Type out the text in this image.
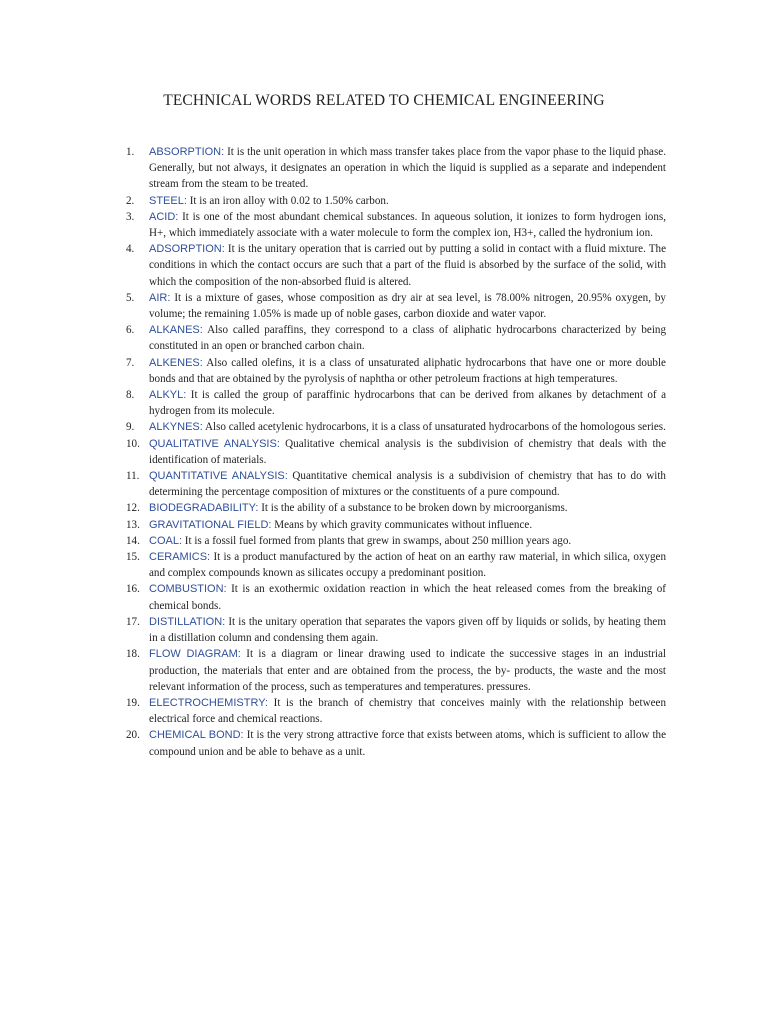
TECHNICAL WORDS RELATED TO CHEMICAL ENGINEERING
1.	ABSORPTION: It is the unit operation in which mass transfer takes place from the vapor phase to the liquid phase. Generally, but not always, it designates an operation in which the liquid is supplied as a separate and independent stream from the steam to be treated.
2.	STEEL: It is an iron alloy with 0.02 to 1.50% carbon.
3.	ACID: It is one of the most abundant chemical substances. In aqueous solution, it ionizes to form hydrogen ions, H+, which immediately associate with a water molecule to form the complex ion, H3+, called the hydronium ion.
4.	ADSORPTION: It is the unitary operation that is carried out by putting a solid in contact with a fluid mixture. The conditions in which the contact occurs are such that a part of the fluid is absorbed by the surface of the solid, with which the composition of the non-absorbed fluid is altered.
5.	AIR: It is a mixture of gases, whose composition as dry air at sea level, is 78.00% nitrogen, 20.95% oxygen, by volume; the remaining 1.05% is made up of noble gases, carbon dioxide and water vapor.
6.	ALKANES: Also called paraffins, they correspond to a class of aliphatic hydrocarbons characterized by being constituted in an open or branched carbon chain.
7.	ALKENES: Also called olefins, it is a class of unsaturated aliphatic hydrocarbons that have one or more double bonds and that are obtained by the pyrolysis of naphtha or other petroleum fractions at high temperatures.
8.	ALKYL: It is called the group of paraffinic hydrocarbons that can be derived from alkanes by detachment of a hydrogen from its molecule.
9.	ALKYNES: Also called acetylenic hydrocarbons, it is a class of unsaturated hydrocarbons of the homologous series.
10. QUALITATIVE ANALYSIS: Qualitative chemical analysis is the subdivision of chemistry that deals with the identification of materials.
11. QUANTITATIVE ANALYSIS: Quantitative chemical analysis is a subdivision of chemistry that has to do with determining the percentage composition of mixtures or the constituents of a pure compound.
12. BIODEGRADABILITY: It is the ability of a substance to be broken down by microorganisms.
13. GRAVITATIONAL FIELD: Means by which gravity communicates without influence.
14. COAL: It is a fossil fuel formed from plants that grew in swamps, about 250 million years ago.
15. CERAMICS: It is a product manufactured by the action of heat on an earthy raw material, in which silica, oxygen and complex compounds known as silicates occupy a predominant position.
16. COMBUSTION: It is an exothermic oxidation reaction in which the heat released comes from the breaking of chemical bonds.
17. DISTILLATION: It is the unitary operation that separates the vapors given off by liquids or solids, by heating them in a distillation column and condensing them again.
18. FLOW DIAGRAM: It is a diagram or linear drawing used to indicate the successive stages in an industrial production, the materials that enter and are obtained from the process, the by- products, the waste and the most relevant information of the process, such as temperatures and temperatures. pressures.
19. ELECTROCHEMISTRY: It is the branch of chemistry that conceives mainly with the relationship between electrical force and chemical reactions.
20. CHEMICAL BOND: It is the very strong attractive force that exists between atoms, which is sufficient to allow the compound union and be able to behave as a unit.
